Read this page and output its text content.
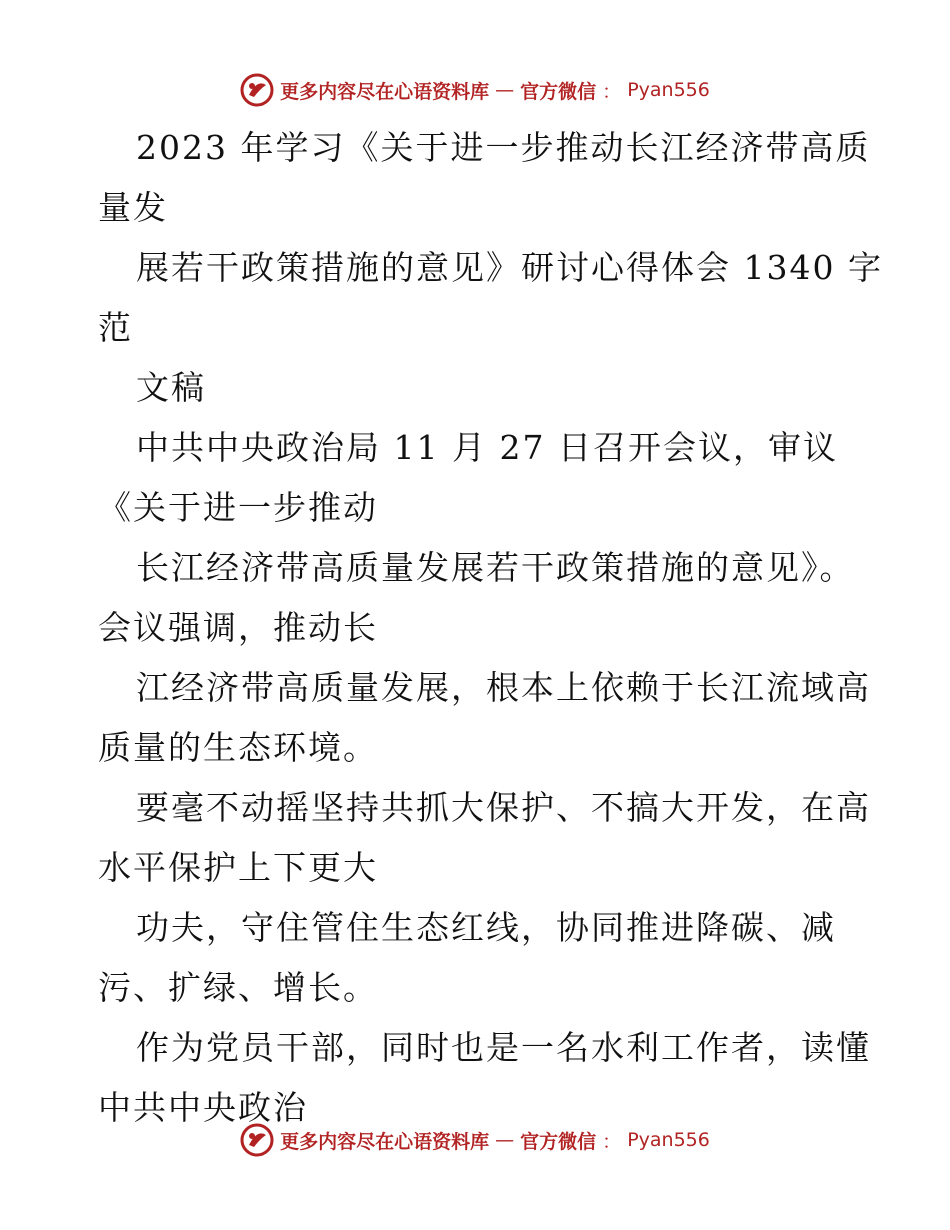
更多内容尽在心语资料库 — 官方微信 ： Pyan556
2023 年学习《关于进一步推动长江经济带高质
量发
展若干政策措施的意见》研讨心得体会 1340 字
范
文稿
中共中央政治局 11 月 27 日召开会议，审议
《关于进一步推动
长江经济带高质量发展若干政策措施的意见》。
会议强调，推动长
江经济带高质量发展，根本上依赖于长江流域高
质量的生态环境。
要毫不动摇坚持共抓大保护、不搞大开发，在高
水平保护上下更大
功夫，守住管住生态红线，协同推进降碳、减
污、扩绿、增长。
作为党员干部，同时也是一名水利工作者，读懂
中共中央政治
更多内容尽在心语资料库 — 官方微信 ： Pyan556
